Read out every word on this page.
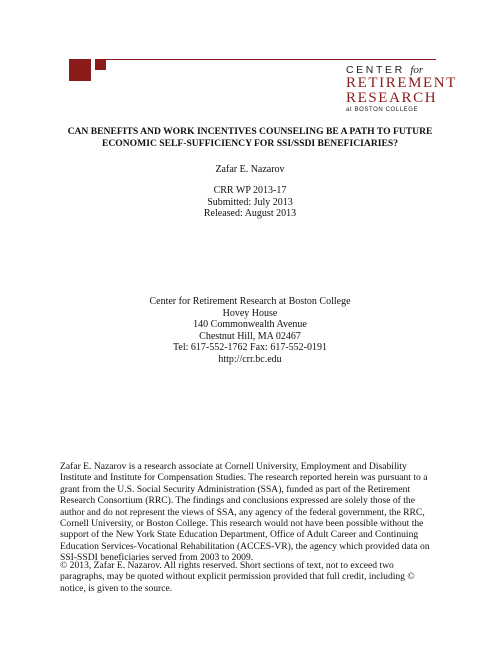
CENTER for
RETIREMENT
RESEARCH
at BOSTON COLLEGE
CAN BENEFITS AND WORK INCENTIVES COUNSELING BE A PATH TO FUTURE
ECONOMIC SELF-SUFFICIENCY FOR SSI/SSDI BENEFICIARIES?
Zafar E. Nazarov
CRR WP 2013-17
Submitted: July 2013
Released: August 2013
Center for Retirement Research at Boston College
Hovey House
140 Commonwealth Avenue
Chestnut Hill, MA 02467
Tel: 617-552-1762 Fax: 617-552-0191
http://crr.bc.edu
Zafar E. Nazarov is a research associate at Cornell University, Employment and Disability
Institute and Institute for Compensation Studies. The research reported herein was pursuant to a
grant from the U.S. Social Security Administration (SSA), funded as part of the Retirement
Research Consortium (RRC). The findings and conclusions expressed are solely those of the
author and do not represent the views of SSA, any agency of the federal government, the RRC,
Cornell University, or Boston College. This research would not have been possible without the
support of the New York State Education Department, Office of Adult Career and Continuing
Education Services-Vocational Rehabilitation (ACCES-VR), the agency which provided data on
SSI-SSDI beneficiaries served from 2003 to 2009.
© 2013, Zafar E. Nazarov. All rights reserved. Short sections of text, not to exceed two
paragraphs, may be quoted without explicit permission provided that full credit, including ©
notice, is given to the source.
